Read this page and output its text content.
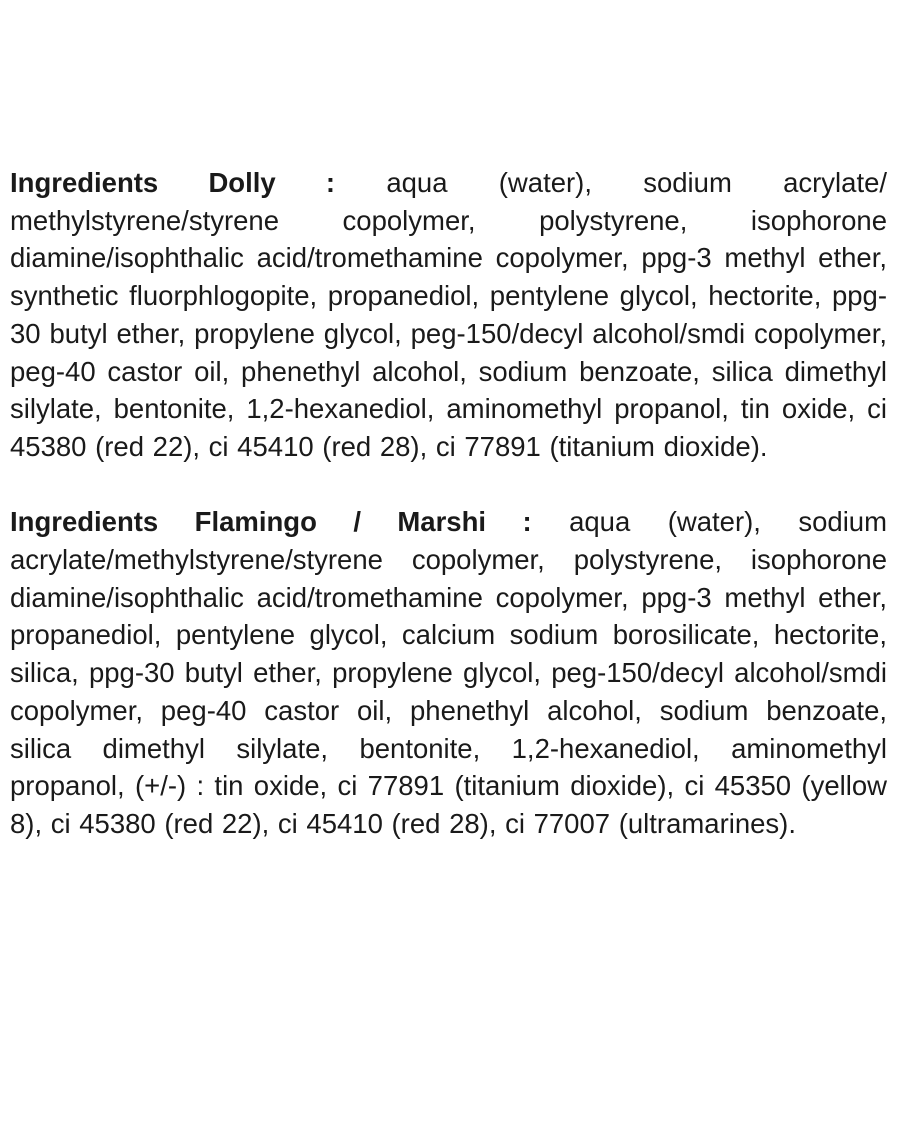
Ingredients Dolly : aqua (water), sodium acrylate/ methylstyrene/styrene copolymer, polystyrene, isophorone diamine/isophthalic acid/tromethamine copolymer, ppg-3 methyl ether, synthetic fluorphlogopite, propanediol, pentylene glycol, hectorite, ppg-30 butyl ether, propylene glycol, peg-150/decyl alcohol/smdi copolymer, peg-40 castor oil, phenethyl alcohol, sodium benzoate, silica dimethyl silylate, bentonite, 1,2-hexanediol, aminomethyl propanol, tin oxide, ci 45380 (red 22), ci 45410 (red 28), ci 77891 (titanium dioxide).

Ingredients Flamingo / Marshi : aqua (water), sodium acrylate/methylstyrene/styrene copolymer, polystyrene, isophorone diamine/isophthalic acid/tromethamine copolymer, ppg-3 methyl ether, propanediol, pentylene glycol, calcium sodium borosilicate, hectorite, silica, ppg-30 butyl ether, propylene glycol, peg-150/decyl alcohol/smdi copolymer, peg-40 castor oil, phenethyl alcohol, sodium benzoate, silica dimethyl silylate, bentonite, 1,2-hexanediol, aminomethyl propanol, (+/-) : tin oxide, ci 77891 (titanium dioxide), ci 45350 (yellow 8), ci 45380 (red 22), ci 45410 (red 28), ci 77007 (ultramarines).
